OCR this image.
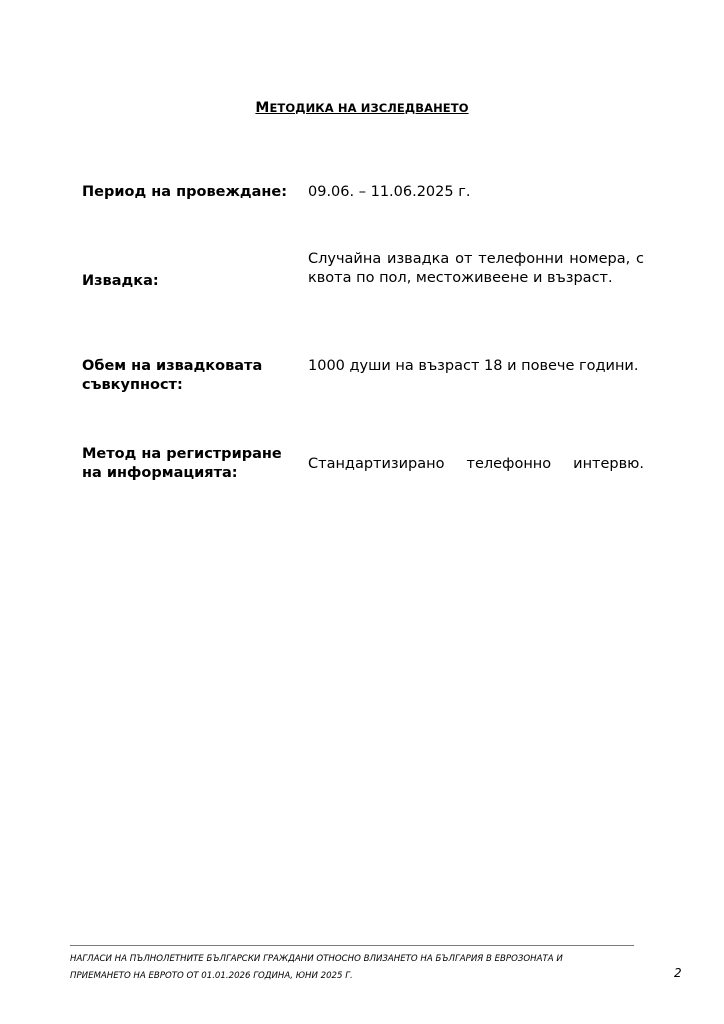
МЕТОДИКА НА ИЗСЛЕДВАНЕТО
Период на провеждане:	09.06. – 11.06.2025 г.
Извадка:
Случайна извадка от телефонни номера, с квота по пол, местоживеене и възраст.
Обем на извадковата съвкупност:
1000 души на възраст 18 и повече години.
Метод на регистриране на информацията:
Стандартизирано телефонно интервю.
НАГЛАСИ НА ПЪЛНОЛЕТНИТЕ БЪЛГАРСКИ ГРАЖДАНИ ОТНОСНО ВЛИЗАНЕТО НА БЪЛГАРИЯ В ЕВРОЗОНАТА И
ПРИЕМАНЕТО НА ЕВРОТО ОТ 01.01.2026 ГОДИНА, ЮНИ 2025 Г.	2
